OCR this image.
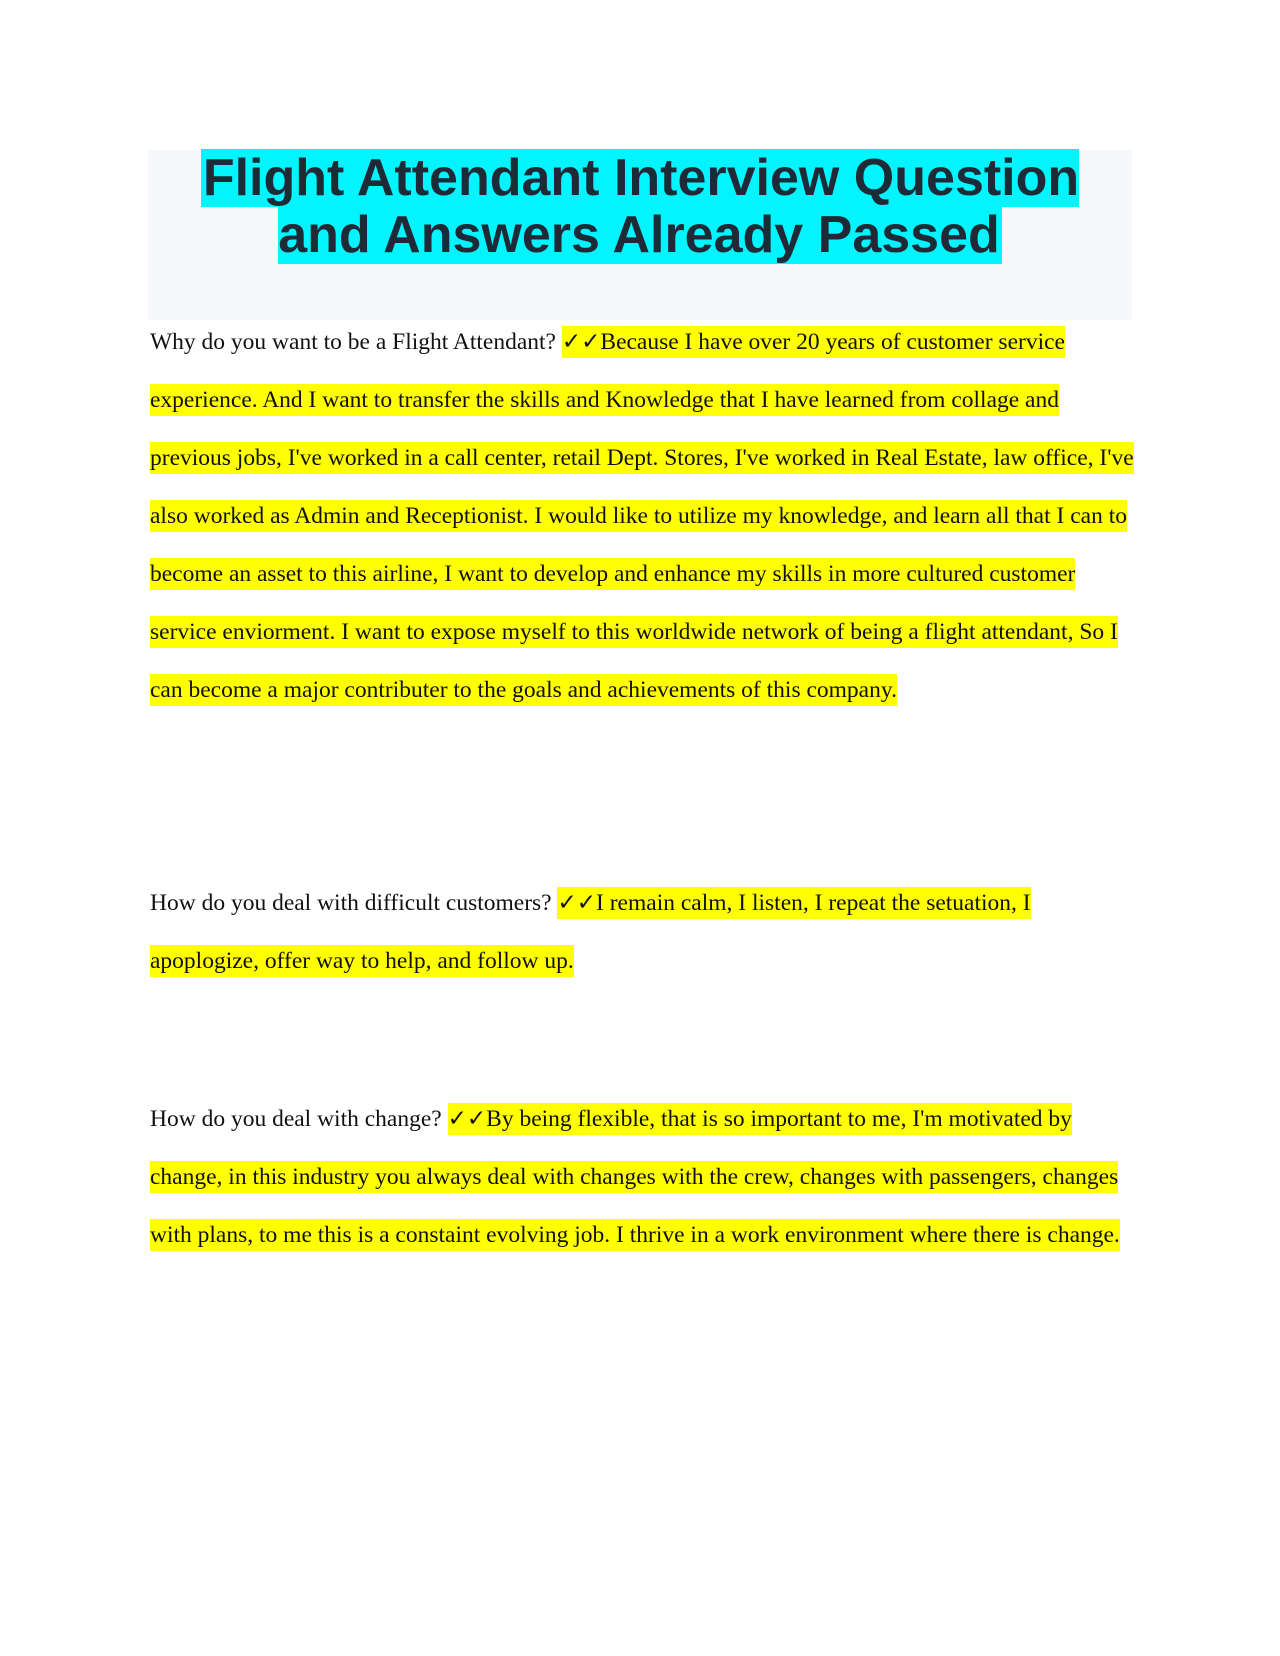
Flight Attendant Interview Question and Answers Already Passed

Why do you want to be a Flight Attendant? ✓✓Because I have over 20 years of customer service experience. And I want to transfer the skills and Knowledge that I have learned from collage and previous jobs, I've worked in a call center, retail Dept. Stores, I've worked in Real Estate, law office, I've also worked as Admin and Receptionist. I would like to utilize my knowledge, and learn all that I can to become an asset to this airline, I want to develop and enhance my skills in more cultured customer service enviorment. I want to expose myself to this worldwide network of being a flight attendant, So I can become a major contributer to the goals and achievements of this company.

How do you deal with difficult customers? ✓✓I remain calm, I listen, I repeat the setuation, I apoplogize, offer way to help, and follow up.

How do you deal with change? ✓✓By being flexible, that is so important to me, I'm motivated by change, in this industry you always deal with changes with the crew, changes with passengers, changes with plans, to me this is a constaint evolving job. I thrive in a work environment where there is change.
